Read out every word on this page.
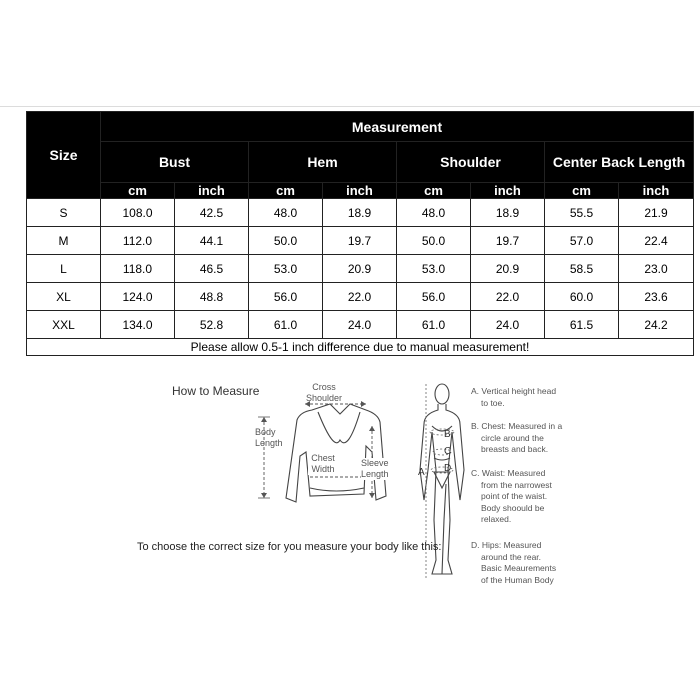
Size	Measurement							
	Bust		Hem		Shoulder		Center Back Length	
	cm	inch	cm	inch	cm	inch	cm	inch
S	108.0	42.5	48.0	18.9	48.0	18.9	55.5	21.9
M	112.0	44.1	50.0	19.7	50.0	19.7	57.0	22.4
L	118.0	46.5	53.0	20.9	53.0	20.9	58.5	23.0
XL	124.0	48.8	56.0	22.0	56.0	22.0	60.0	23.6
XXL	134.0	52.8	61.0	24.0	61.0	24.0	61.5	24.2
Please allow 0.5-1 inch difference due to manual measurement!								
How to Measure	Cross
Shoulder
Body
Length
Chest
Width
Sleeve
Length
To choose the correct size for you measure your body like this:
A
B
C
D
A. Vertical height head
to toe.
B. Chest: Measured in a
circle around the
breasts and back.
C. Waist: Measured
from the narrowest
point of the waist.
Body shoould be
relaxed.
D. Hips: Measured
around the rear.
Basic Meaurements
of the Human Body
